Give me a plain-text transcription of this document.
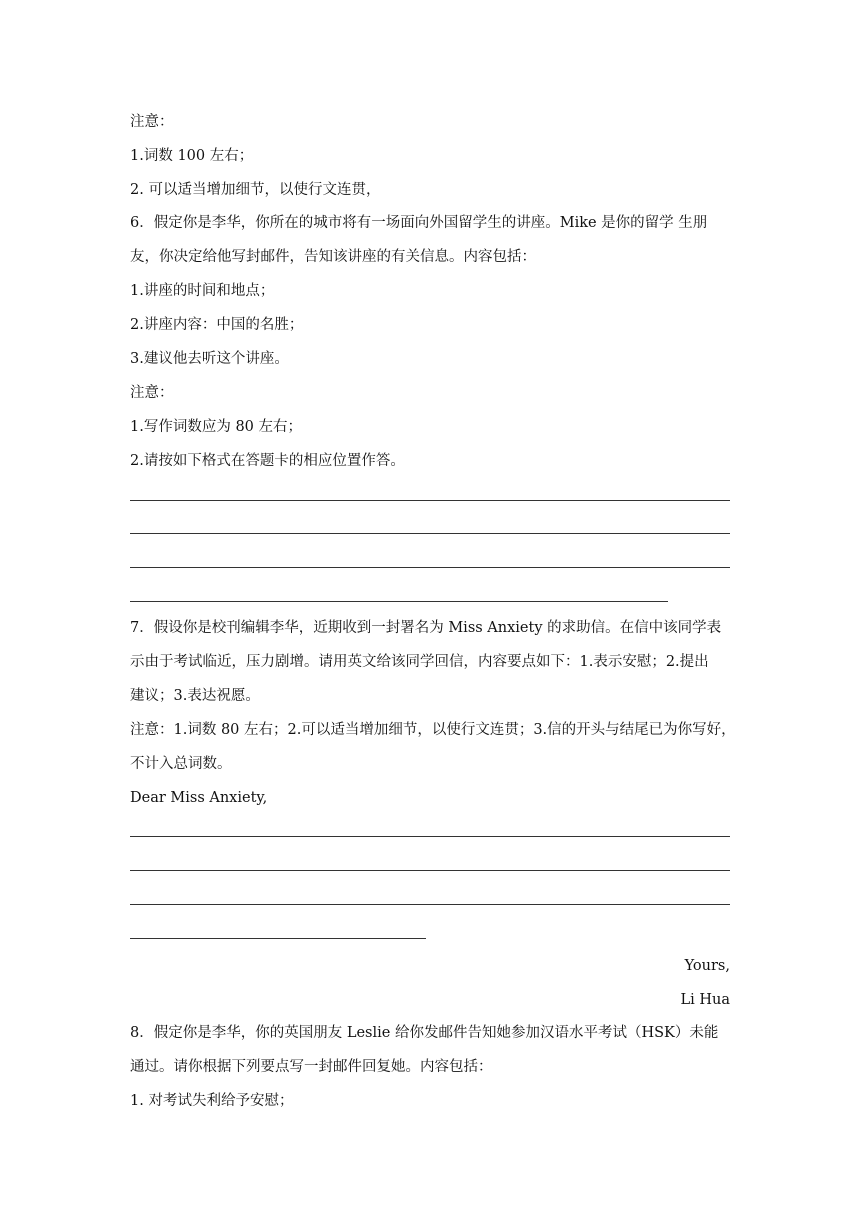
注意：
1.词数 100 左右；
2. 可以适当增加细节，以使行文连贯，
6．假定你是李华，你所在的城市将有一场面向外国留学生的讲座。Mike 是你的留学 生朋
友，你决定给他写封邮件，告知该讲座的有关信息。内容包括：
1.讲座的时间和地点；
2.讲座内容：中国的名胜；
3.建议他去听这个讲座。
注意：
1.写作词数应为 80 左右；
2.请按如下格式在答题卡的相应位置作答。
7．假设你是校刊编辑李华，近期收到一封署名为 Miss Anxiety 的求助信。在信中该同学表
示由于考试临近，压力剧增。请用英文给该同学回信，内容要点如下：1.表示安慰；2.提出
建议；3.表达祝愿。
注意：1.词数 80 左右；2.可以适当增加细节，以使行文连贯；3.信的开头与结尾已为你写好，
不计入总词数。
Dear Miss Anxiety,
Yours,
Li Hua
8．假定你是李华，你的英国朋友 Leslie 给你发邮件告知她参加汉语水平考试（HSK）未能
通过。请你根据下列要点写一封邮件回复她。内容包括：
1. 对考试失利给予安慰；
